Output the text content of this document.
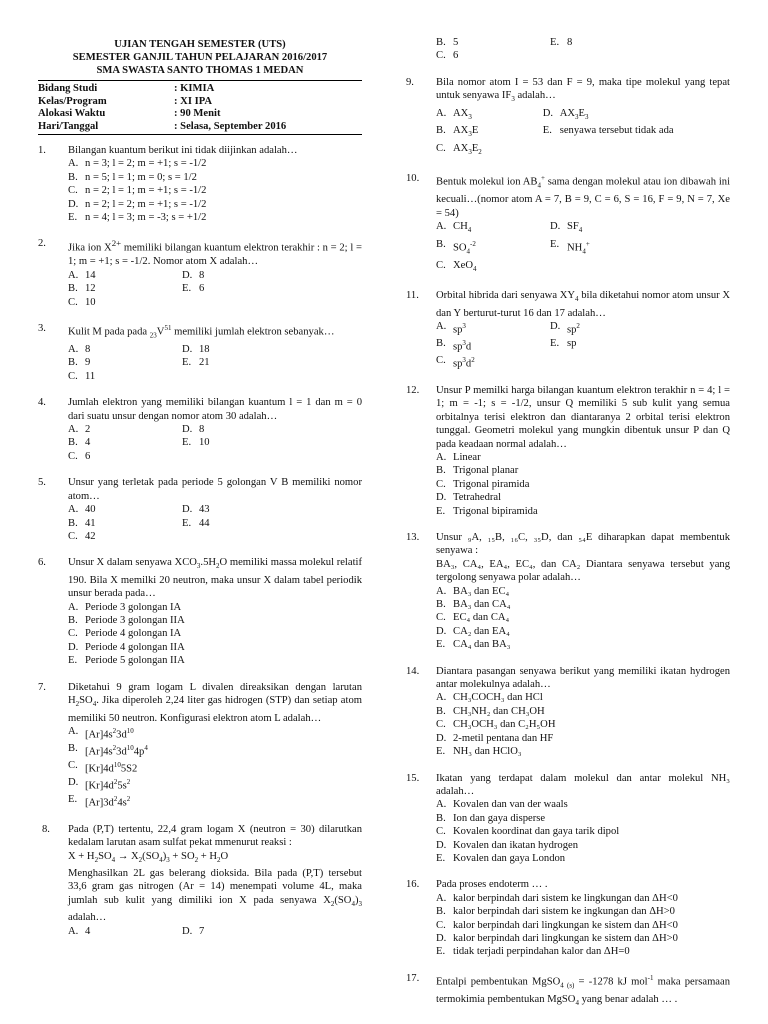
UJIAN TENGAH SEMESTER (UTS)
SEMESTER GANJIL TAHUN PELAJARAN 2016/2017
SMA SWASTA SANTO THOMAS 1 MEDAN
Bidang Studi	: KIMIA
Kelas/Program	: XI IPA
Alokasi Waktu	: 90 Menit
Hari/Tanggal	: Selasa, September 2016
1.	Bilangan kuantum berikut ini tidak diijinkan adalah…
A. n = 3; l = 2; m = +1; s = -1/2
B. n = 5; l = 1; m = 0; s = 1/2
C. n = 2; l = 1; m = +1; s = -1/2
D. n = 2; l = 2; m = +1; s = -1/2
E. n = 4; l = 3; m = -3; s = +1/2
2.	Jika ion $X^{2+}$ memiliki bilangan kuantum elektron terakhir : n = 2; l = 1; m = +1; s = -1/2. Nomor atom X adalah…
A. 14	D. 8
B. 12	E. 6
C. 10
3.	Kulit M pada pada $_{23}V^{51}$ memiliki jumlah elektron sebanyak…
A. 8	D. 18
B. 9	E. 21
C. 11
4.	Jumlah elektron yang memiliki bilangan kuantum l = 1 dan m = 0 dari suatu unsur dengan nomor atom 30 adalah…
A. 2	D. 8
B. 4	E. 10
C. 6
5.	Unsur yang terletak pada periode 5 golongan V B memiliki nomor atom…
A. 40	D. 43
B. 41	E. 44
C. 42
6.	Unsur X dalam senyawa $XCO_3.5H_2O$ memiliki massa molekul relatif 190. Bila X memilki 20 neutron, maka unsur X dalam tabel periodik unsur berada pada…
A. Periode 3 golongan IA
B. Periode 3 golongan IIA
C. Periode 4 golongan IA
D. Periode 4 golongan IIA
E. Periode 5 golongan IIA
7.	Diketahui 9 gram logam L divalen direaksikan dengan larutan $H_2SO_4$. Jika diperoleh 2,24 liter gas hidrogen (STP) dan setiap atom memiliki 50 neutron. Konfigurasi elektron atom L adalah…
A. $[Ar]4s^23d^{10}$
B. $[Ar]4s^23d^{10}4p^4$
C. $[Kr]4d^{10}5S2$
D. $[Kr]4d^25s^2$
E. $[Ar]3d^24s^2$
8.	Pada (P,T) tertentu, 22,4 gram logam X (neutron = 30) dilarutkan kedalam larutan asam sulfat pekat mmenurut reaksi :
$X + H_2SO_4 \to X_2(SO_4)_3 + SO_2 + H_2O$
Menghasilkan 2L gas belerang dioksida. Bila pada (P,T) tersebut 33,6 gram gas nitrogen (Ar = 14) menempati volume 4L, maka jumlah sub kulit yang dimiliki ion X pada senyawa $X_2(SO_4)_3$ adalah…
A. 4	D. 7
B. 5	E. 8
C. 6
9.	Bila nomor atom I = 53 dan F = 9, maka tipe molekul yang tepat untuk senyawa $IF_3$ adalah…
A. $AX_3$	D. $AX_3E_3$
B. $AX_3E$	E. senyawa tersebut tidak ada
C. $AX_3E_2$
10.	Bentuk molekul ion $AB_4^+$ sama dengan molekul atau ion dibawah ini kecuali…(nomor atom A = 7, B = 9, C = 6, S = 16, F = 9, N = 7, Xe = 54)
A. $CH_4$	D. $SF_4$
B. $SO_4^{-2}$	E. $NH_4^+$
C. XeO$_4$
11.	Orbital hibrida dari senyawa $XY_4$ bila diketahui nomor atom unsur X dan Y berturut-turut 16 dan 17 adalah…
A. $sp^3$	D. $sp^2$
B. $sp^3d$	E. sp
C. $sp^3d^2$
12.	Unsur P memilki harga bilangan kuantum elektron terakhir n = 4; l = 1; m = -1; s = -1/2, unsur Q memiliki 5 sub kulit yang semua orbitalnya terisi elektron dan diantaranya 2 orbital terisi elektron tunggal. Geometri molekul yang mungkin dibentuk unsur P dan Q pada keadaan normal adalah…
A. Linear
B. Trigonal planar
C. Trigonal piramida
D. Tetrahedral
E. Trigonal bipiramida
13.	Unsur ₉A, ₁₅B, ₁₆C, ₃₅D, dan ₅₄E diharapkan dapat membentuk senyawa :
BA₃, CA₄, EA₄, EC₄, dan CA₂ Diantara senyawa tersebut yang tergolong senyawa polar adalah…
A. BA₃ dan EC₄
B. BA₃ dan CA₄
C. EC₄ dan CA₄
D. CA₂ dan EA₄
E. CA₄ dan BA₃
14.	Diantara pasangan senyawa berikut yang memiliki ikatan hydrogen antar molekulnya adalah…
A. CH₃COCH₃ dan HCl
B. CH₃NH₂ dan CH₃OH
C. CH₃OCH₃ dan C₂H₅OH
D. 2-metil pentana dan HF
E. NH₃ dan HClO₃
15.	Ikatan yang terdapat dalam molekul dan antar molekul NH₃ adalah…
A. Kovalen dan van der waals
B. Ion dan gaya disperse
C. Kovalen koordinat dan gaya tarik dipol
D. Kovalen dan ikatan hydrogen
E. Kovalen dan gaya London
16.	Pada proses endoterm … .
A. kalor berpindah dari sistem ke lingkungan dan ΔH<0
B. kalor berpindah dari sistem ke ingkungan dan ΔH>0
C. kalor berpindah dari lingkungan ke sistem dan ΔH<0
D. kalor berpindah dari lingkungan ke sistem dan ΔH>0
E. tidak terjadi perpindahan kalor dan ΔH=0
17.	Entalpi pembentukan MgSO$_{4 (s)}$ = -1278 kJ mol$^{-1}$ maka persamaan termokimia pembentukan MgSO$_4$ yang benar adalah … .
